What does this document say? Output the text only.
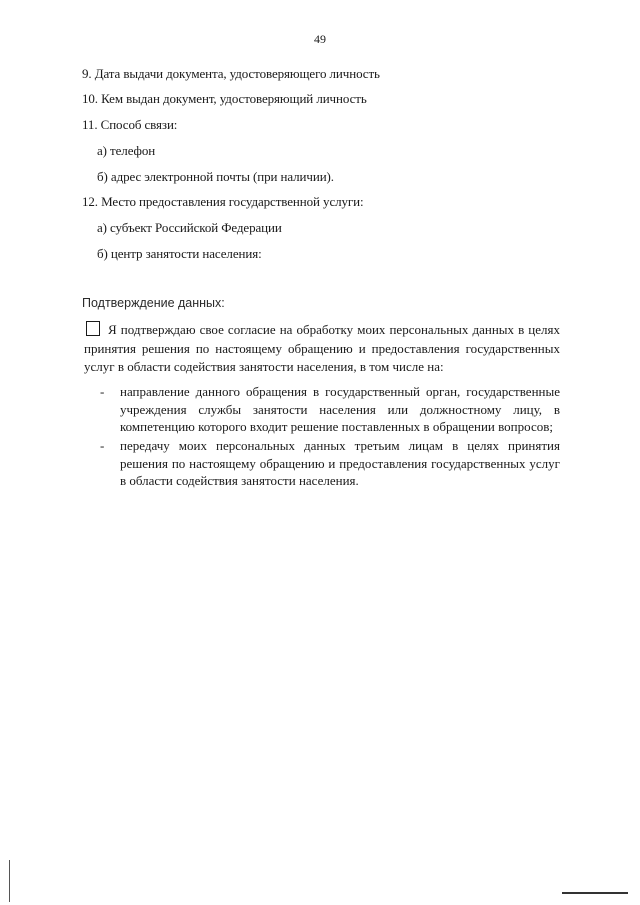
49
9. Дата выдачи документа, удостоверяющего личность
10. Кем выдан документ, удостоверяющий личность
11. Способ связи:
а) телефон
б) адрес электронной почты (при наличии).
12. Место предоставления государственной услуги:
а) субъект Российской Федерации
б) центр занятости населения:
Подтверждение данных:
Я подтверждаю свое согласие на обработку моих персональных данных в целях принятия решения по настоящему обращению и предоставления государственных услуг в области содействия занятости населения, в том числе на:
- направление данного обращения в государственный орган, государственные учреждения службы занятости населения или должностному лицу, в компетенцию которого входит решение поставленных в обращении вопросов;
- передачу моих персональных данных третьим лицам в целях принятия решения по настоящему обращению и предоставления государственных услуг в области содействия занятости населения.
